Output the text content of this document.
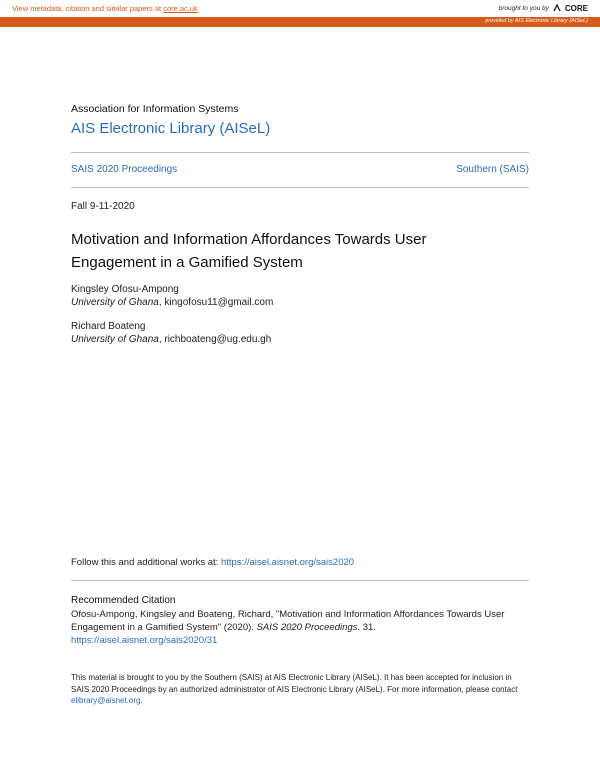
View metadata, citation and similar papers at core.ac.uk	brought to you by CORE
provided by AIS Electronic Library (AISeL)
Association for Information Systems
AIS Electronic Library (AISeL)
SAIS 2020 Proceedings	Southern (SAIS)
Fall 9-11-2020
Motivation and Information Affordances Towards User Engagement in a Gamified System
Kingsley Ofosu-Ampong
University of Ghana, kingofosu11@gmail.com
Richard Boateng
University of Ghana, richboateng@ug.edu.gh
Follow this and additional works at: https://aisel.aisnet.org/sais2020
Recommended Citation
Ofosu-Ampong, Kingsley and Boateng, Richard, "Motivation and Information Affordances Towards User Engagement in a Gamified System" (2020). SAIS 2020 Proceedings. 31.
https://aisel.aisnet.org/sais2020/31
This material is brought to you by the Southern (SAIS) at AIS Electronic Library (AISeL). It has been accepted for inclusion in SAIS 2020 Proceedings by an authorized administrator of AIS Electronic Library (AISeL). For more information, please contact elibrary@aisnet.org.
